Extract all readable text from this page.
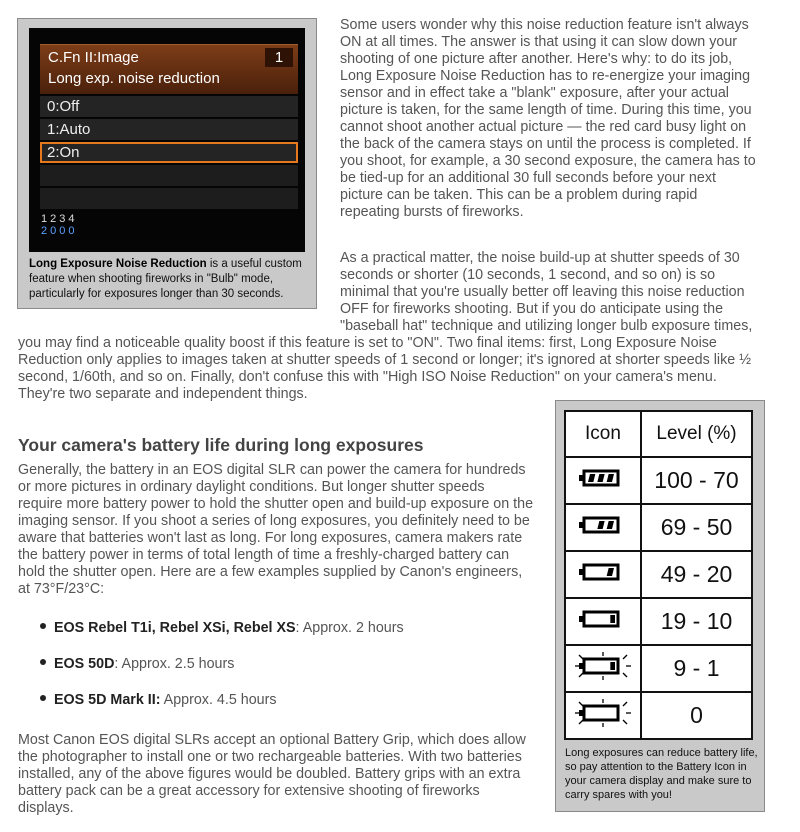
C.Fn II:Image	1
Long exp. noise reduction
0:Off
1:Auto
2:On
1234
2000
Long Exposure Noise Reduction is a useful custom feature when shooting fireworks in "Bulb" mode, particularly for exposures longer than 30 seconds.

Some users wonder why this noise reduction feature isn't always

ON at all times. The answer is that using it can slow down your

shooting of one picture after another. Here's why: to do its job,

Long Exposure Noise Reduction has to re-energize your imaging

sensor and in effect take a "blank" exposure, after your actual

picture is taken, for the same length of time. During this time, you

cannot shoot another actual picture — the red card busy light on

the back of the camera stays on until the process is completed. If

you shoot, for example, a 30 second exposure, the camera has to

be tied-up for an additional 30 full seconds before your next

picture can be taken. This can be a problem during rapid

repeating bursts of fireworks.

As a practical matter, the noise build-up at shutter speeds of 30

seconds or shorter (10 seconds, 1 second, and so on) is so

minimal that you're usually better off leaving this noise reduction

OFF for fireworks shooting. But if you do anticipate using the

"baseball hat" technique and utilizing longer bulb exposure times,

you may find a noticeable quality boost if this feature is set to "ON". Two final items: first, Long Exposure Noise

Reduction only applies to images taken at shutter speeds of 1 second or longer; it's ignored at shorter speeds like ½

second, 1/60th, and so on. Finally, don't confuse this with "High ISO Noise Reduction" on your camera's menu.

They're two separate and independent things.

Your camera's battery life during long exposures

Generally, the battery in an EOS digital SLR can power the camera for hundreds

or more pictures in ordinary daylight conditions. But longer shutter speeds

require more battery power to hold the shutter open and build-up exposure on the

imaging sensor. If you shoot a series of long exposures, you definitely need to be

aware that batteries won't last as long. For long exposures, camera makers rate

the battery power in terms of total length of time a freshly-charged battery can

hold the shutter open. Here are a few examples supplied by Canon's engineers,

at 73°F/23°C:

EOS Rebel T1i, Rebel XSi, Rebel XS: Approx. 2 hours
EOS 50D: Approx. 2.5 hours
EOS 5D Mark II: Approx. 4.5 hours

Most Canon EOS digital SLRs accept an optional Battery Grip, which does allow

the photographer to install one or two rechargeable batteries. With two batteries

installed, any of the above figures would be doubled. Battery grips with an extra

battery pack can be a great accessory for extensive shooting of fireworks

displays.

Icon	Level (%)
	100 - 70
	69 - 50
	49 - 20
	19 - 10
	9 - 1
	0
Long exposures can reduce battery life, so pay attention to the Battery Icon in your camera display and make sure to carry spares with you!
